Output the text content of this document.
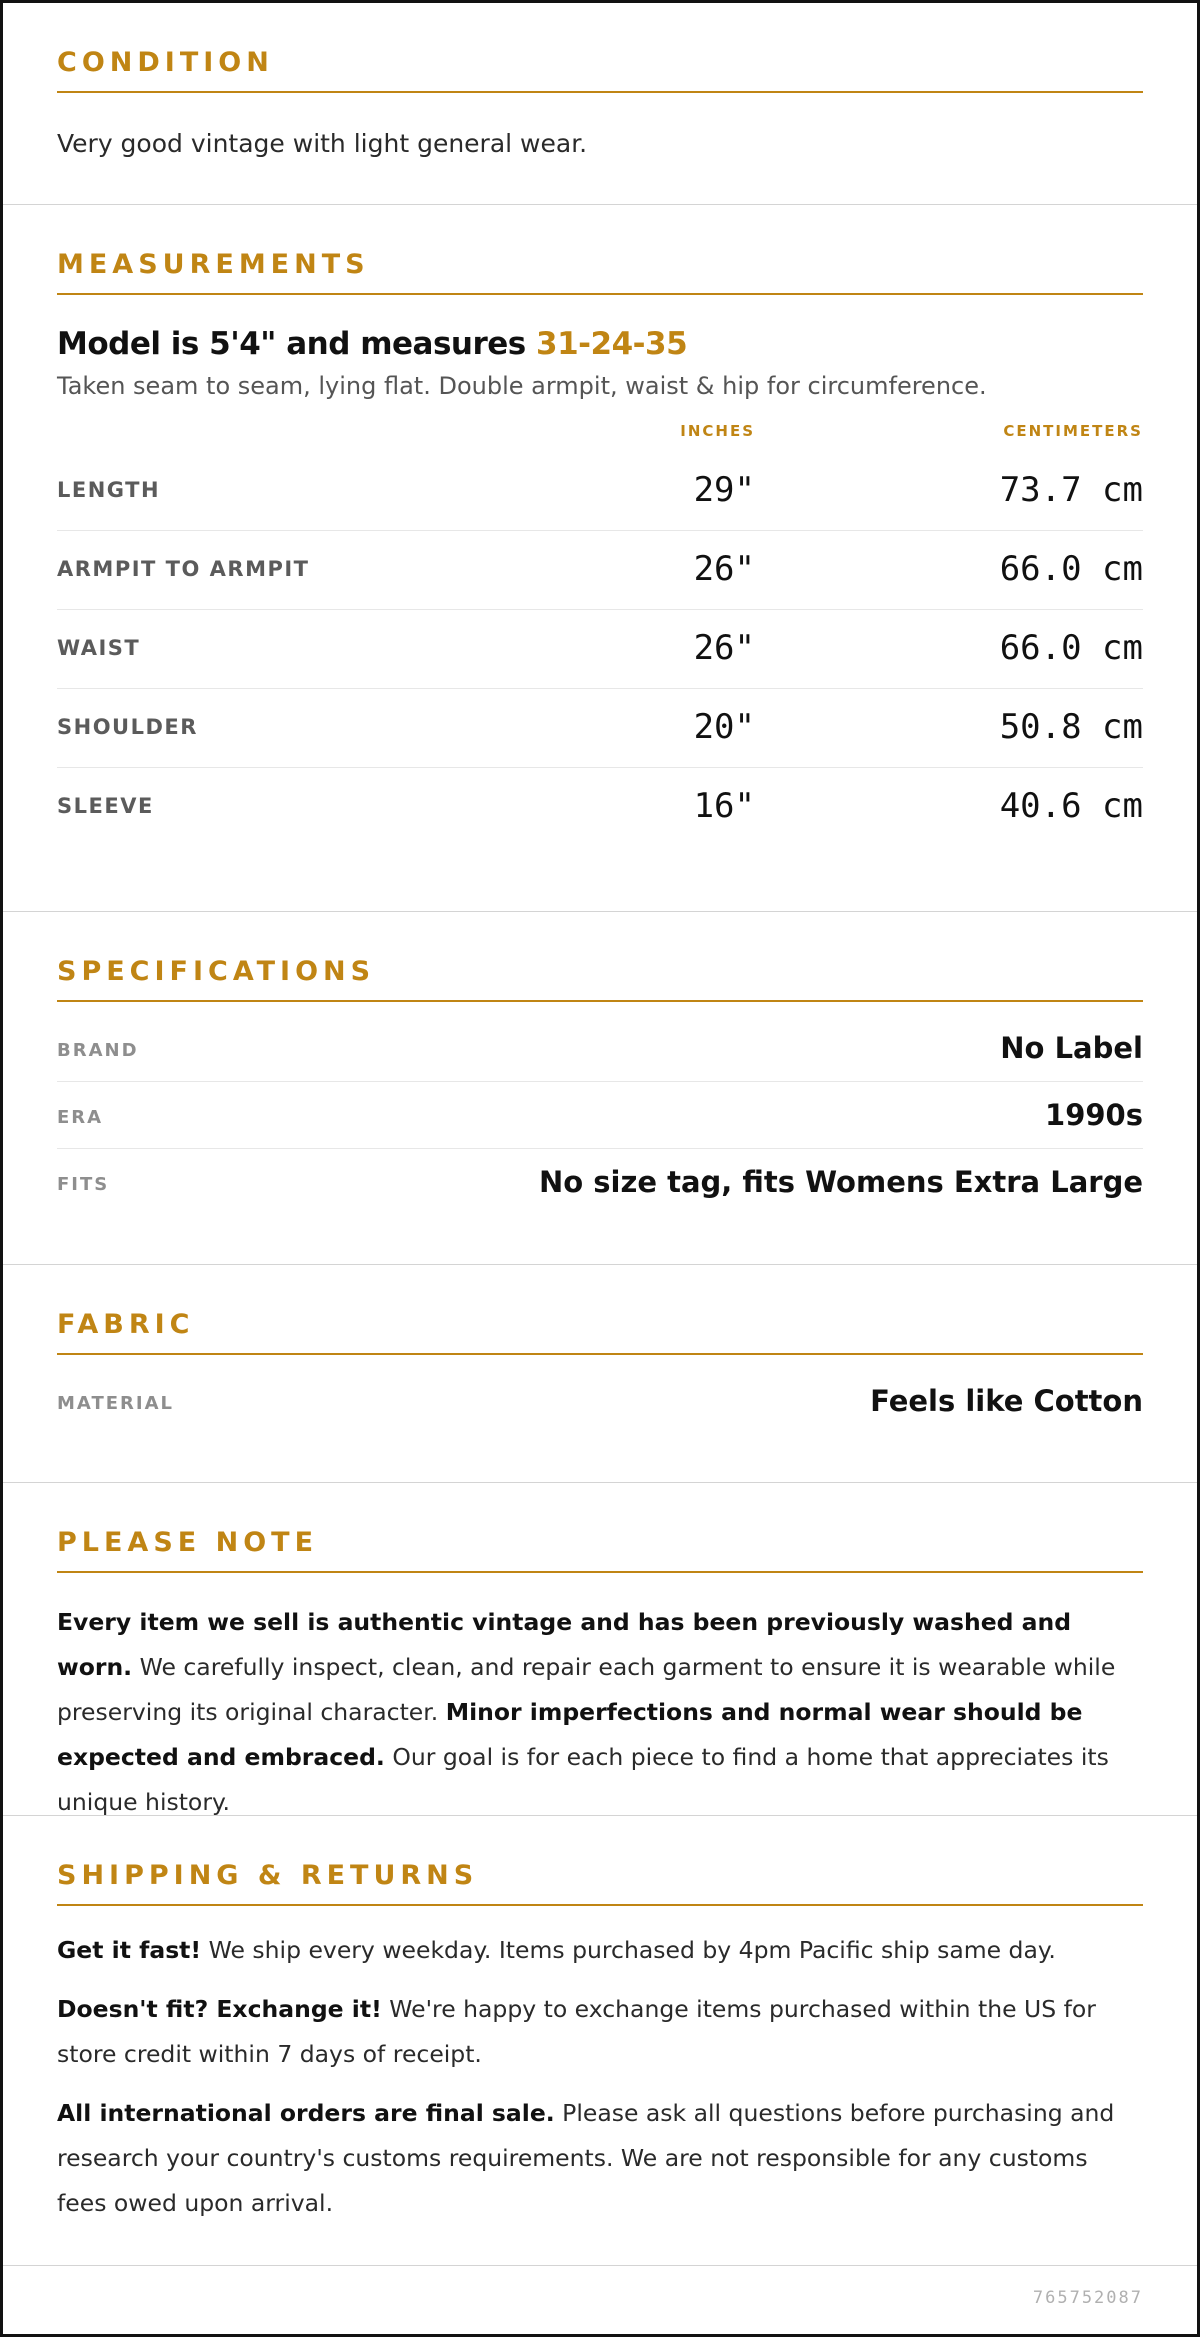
CONDITION
Very good vintage with light general wear.
MEASUREMENTS
Model is 5'4" and measures 31-24-35
Taken seam to seam, lying flat. Double armpit, waist & hip for circumference.
INCHES	CENTIMETERS
LENGTH	29"	73.7 cm
ARMPIT TO ARMPIT	26"	66.0 cm
WAIST	26"	66.0 cm
SHOULDER	20"	50.8 cm
SLEEVE	16"	40.6 cm
SPECIFICATIONS
BRAND	No Label
ERA	1990s
FITS	No size tag, fits Womens Extra Large
FABRIC
MATERIAL	Feels like Cotton
PLEASE NOTE

Every item we sell is authentic vintage and has been previously washed and worn. We carefully inspect, clean, and repair each garment to ensure it is wearable while preserving its original character. Minor imperfections and normal wear should be expected and embraced. Our goal is for each piece to find a home that appreciates its unique history.

SHIPPING & RETURNS

Get it fast! We ship every weekday. Items purchased by 4pm Pacific ship same day.

Doesn't fit? Exchange it! We're happy to exchange items purchased within the US for store credit within 7 days of receipt.

All international orders are final sale. Please ask all questions before purchasing and research your country's customs requirements. We are not responsible for any customs fees owed upon arrival.

765752087
